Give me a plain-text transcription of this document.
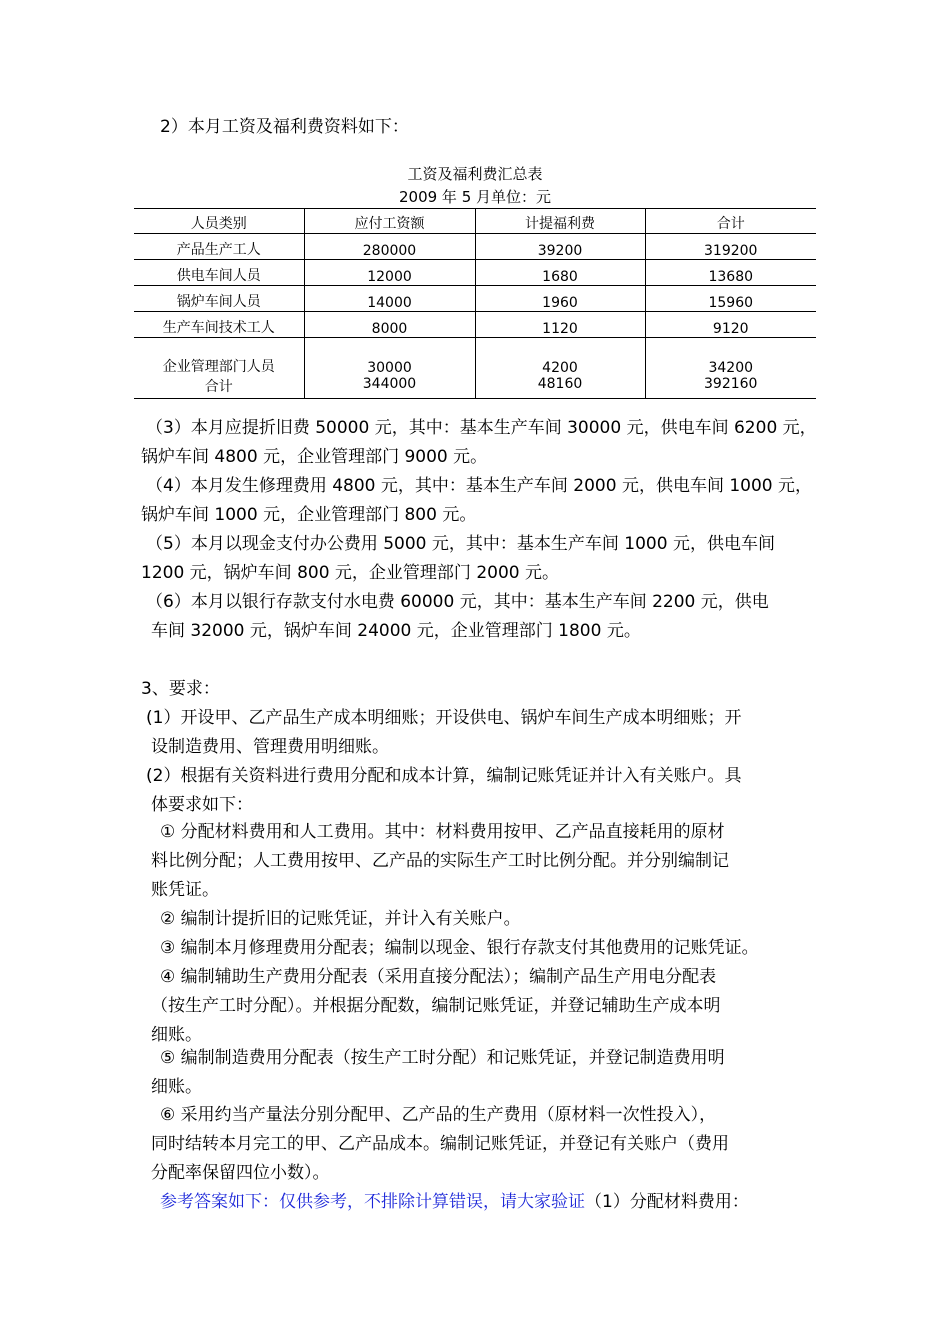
2）本月工资及福利费资料如下：
工资及福利费汇总表
2009 年 5 月单位：元
人员类别	应付工资额	计提福利费	合计
产品生产工人	280000	39200	319200
供电车间人员	12000	1680	13680
锅炉车间人员	14000	1960	15960
生产车间技术工人	8000	1120	9120
企业管理部门人员	30000	4200	34200
合计	344000	48160	392160
（3）本月应提折旧费 50000 元，其中：基本生产车间 30000 元，供电车间 6200 元，
锅炉车间 4800 元，企业管理部门 9000 元。
（4）本月发生修理费用 4800 元，其中：基本生产车间 2000 元，供电车间 1000 元，
锅炉车间 1000 元，企业管理部门 800 元。
（5）本月以现金支付办公费用 5000 元，其中：基本生产车间 1000 元，供电车间
1200 元，锅炉车间 800 元，企业管理部门 2000 元。
（6）本月以银行存款支付水电费 60000 元，其中：基本生产车间 2200 元，供电
车间 32000 元，锅炉车间 24000 元，企业管理部门 1800 元。
3、要求：
(1）开设甲、乙产品生产成本明细账；开设供电、锅炉车间生产成本明细账；开
设制造费用、管理费用明细账。
(2）根据有关资料进行费用分配和成本计算，编制记账凭证并计入有关账户。具
体要求如下：
① 分配材料费用和人工费用。其中：材料费用按甲、乙产品直接耗用的原材
料比例分配；人工费用按甲、乙产品的实际生产工时比例分配。并分别编制记
账凭证。
② 编制计提折旧的记账凭证，并计入有关账户。
③ 编制本月修理费用分配表；编制以现金、银行存款支付其他费用的记账凭证。
④ 编制辅助生产费用分配表（采用直接分配法）；编制产品生产用电分配表
（按生产工时分配）。并根据分配数，编制记账凭证，并登记辅助生产成本明
细账。
⑤ 编制制造费用分配表（按生产工时分配）和记账凭证，并登记制造费用明
细账。
⑥ 采用约当产量法分别分配甲、乙产品的生产费用（原材料一次性投入），
同时结转本月完工的甲、乙产品成本。编制记账凭证，并登记有关账户（费用
分配率保留四位小数）。
参考答案如下：仅供参考，不排除计算错误，请大家验证（1）分配材料费用：
